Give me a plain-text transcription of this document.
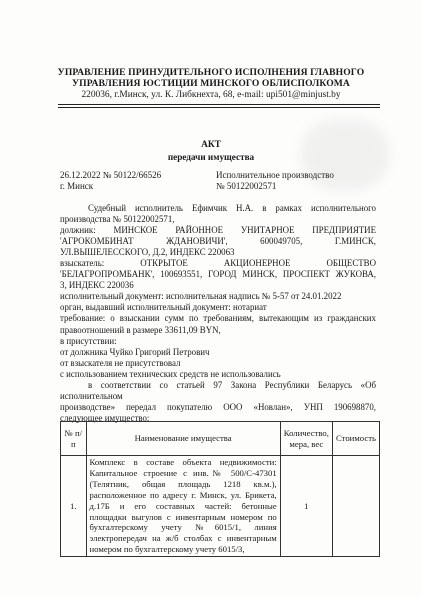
УПРАВЛЕНИЕ ПРИНУДИТЕЛЬНОГО ИСПОЛНЕНИЯ ГЛАВНОГО
УПРАВЛЕНИЯ ЮСТИЦИИ МИНСКОГО ОБЛИСПОЛКОМА
220036, г.Минск, ул. К. Либкнехта, 68, e-mail: upi501@minjust.by
АКТ
передачи имущества
26.12.2022 № 50122/66526
г. Минск
Исполнительное производство
№ 50122002571
Судебный исполнитель Ефимчик Н.А. в рамках исполнительного
производства № 50122002571,
должник: МИНСКОЕ РАЙОННОЕ УНИТАРНОЕ ПРЕДПРИЯТИЕ
'АГРОКОМБИНАТ ЖДАНОВИЧИ', 600049705, Г.МИНСК,
УЛ.ВЫШЕЛЕССКОГО, Д.2, ИНДЕКС 220063
взыскатель: ОТКРЫТОЕ АКЦИОНЕРНОЕ ОБЩЕСТВО
'БЕЛАГРОПРОМБАНК', 100693551, ГОРОД МИНСК, ПРОСПЕКТ ЖУКОВА,
3, ИНДЕКС 220036
исполнительный документ: исполнительная надпись № 5-57 от 24.01.2022
орган, выдавший исполнительный документ: нотариат
требование: о взыскании сумм по требованиям, вытекающим из гражданских
правоотношений в размере 33611,09 BYN,
в присутствии:
от должника Чуйко Григорий Петрович
от взыскателя не присутствовал
с использованием технических средств не использовались
в соответствии со статьей 97 Закона Республики Беларусь «Об исполнительном
производстве» передал покупателю ООО «Новлан», УНП 190698870,
следующее имущество:
№ п/п	Наименование имущества	Количество, мера, вес	Стоимость
1.	Комплекс в составе объекта недвижимости: Капитальное строение с инв.№ 500/С-47301 (Телятник, общая площадь 1218 кв.м.), расположенное по адресу г. Минск, ул. Брикета, д.17Б и его составных частей: бетонные площадки выгулов с инвентарным номером по бухгалтерскому учету №6015/1, линия электропередач на ж/б столбах с инвентарным номером по бухгалтерскому учету 6015/3,	1	
